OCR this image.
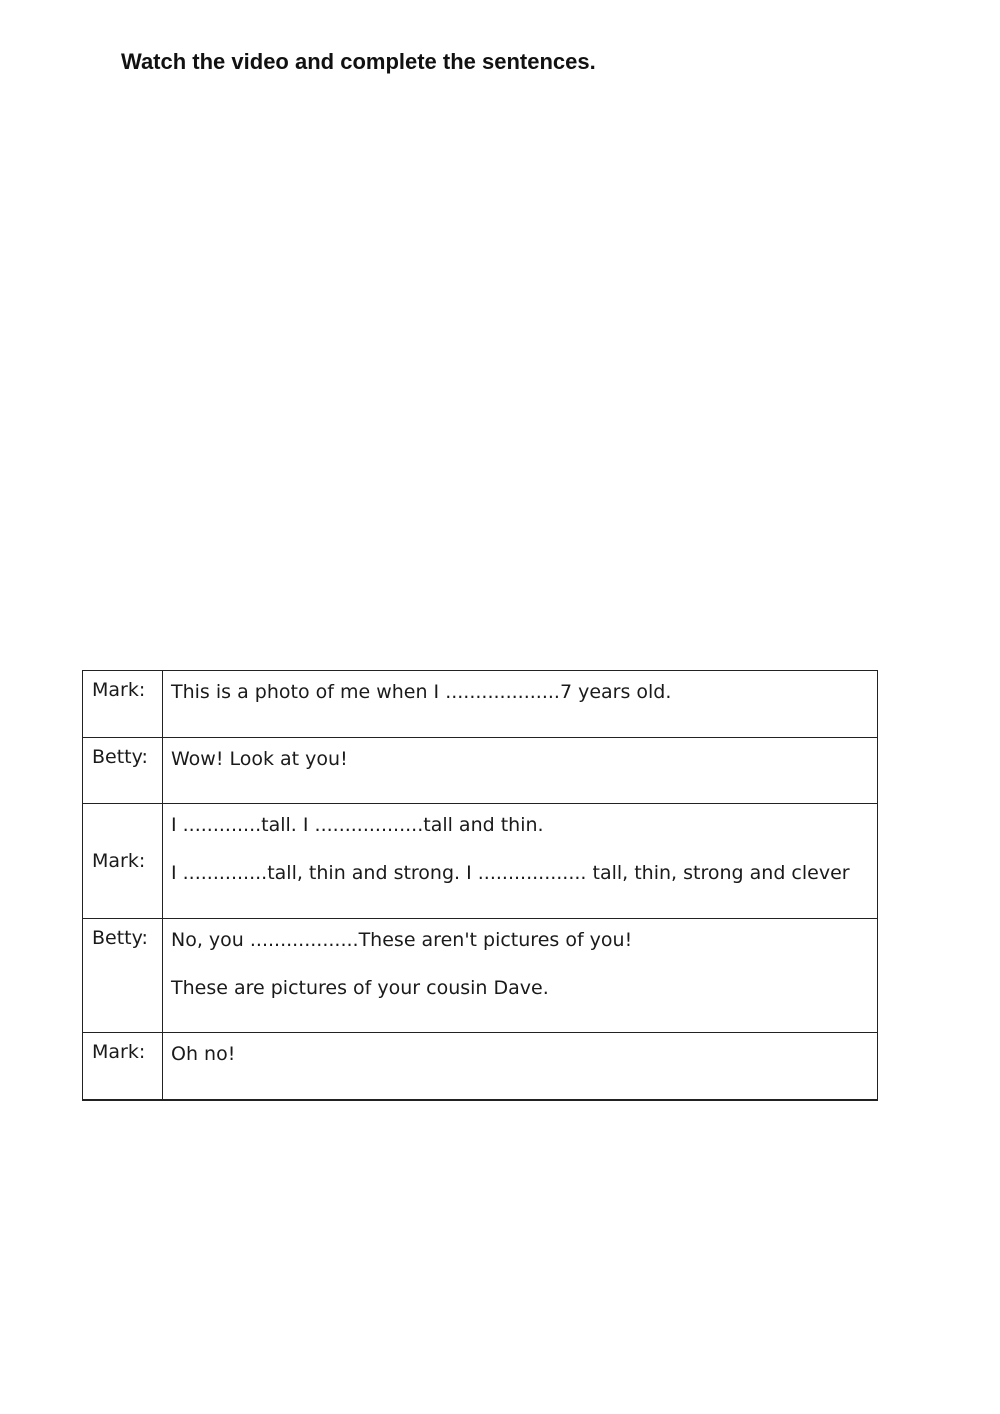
Watch the video and complete the sentences.
Mark:	This is a photo of me when I ...................7 years old.

Betty:	Wow! Look at you!

Mark:	I .............tall. I ..................tall and thin.
I ..............tall, thin and strong. I .................. tall, thin, strong and clever

Betty:	No, you ..................These aren't pictures of you!
These are pictures of your cousin Dave.

Mark:	Oh no!
